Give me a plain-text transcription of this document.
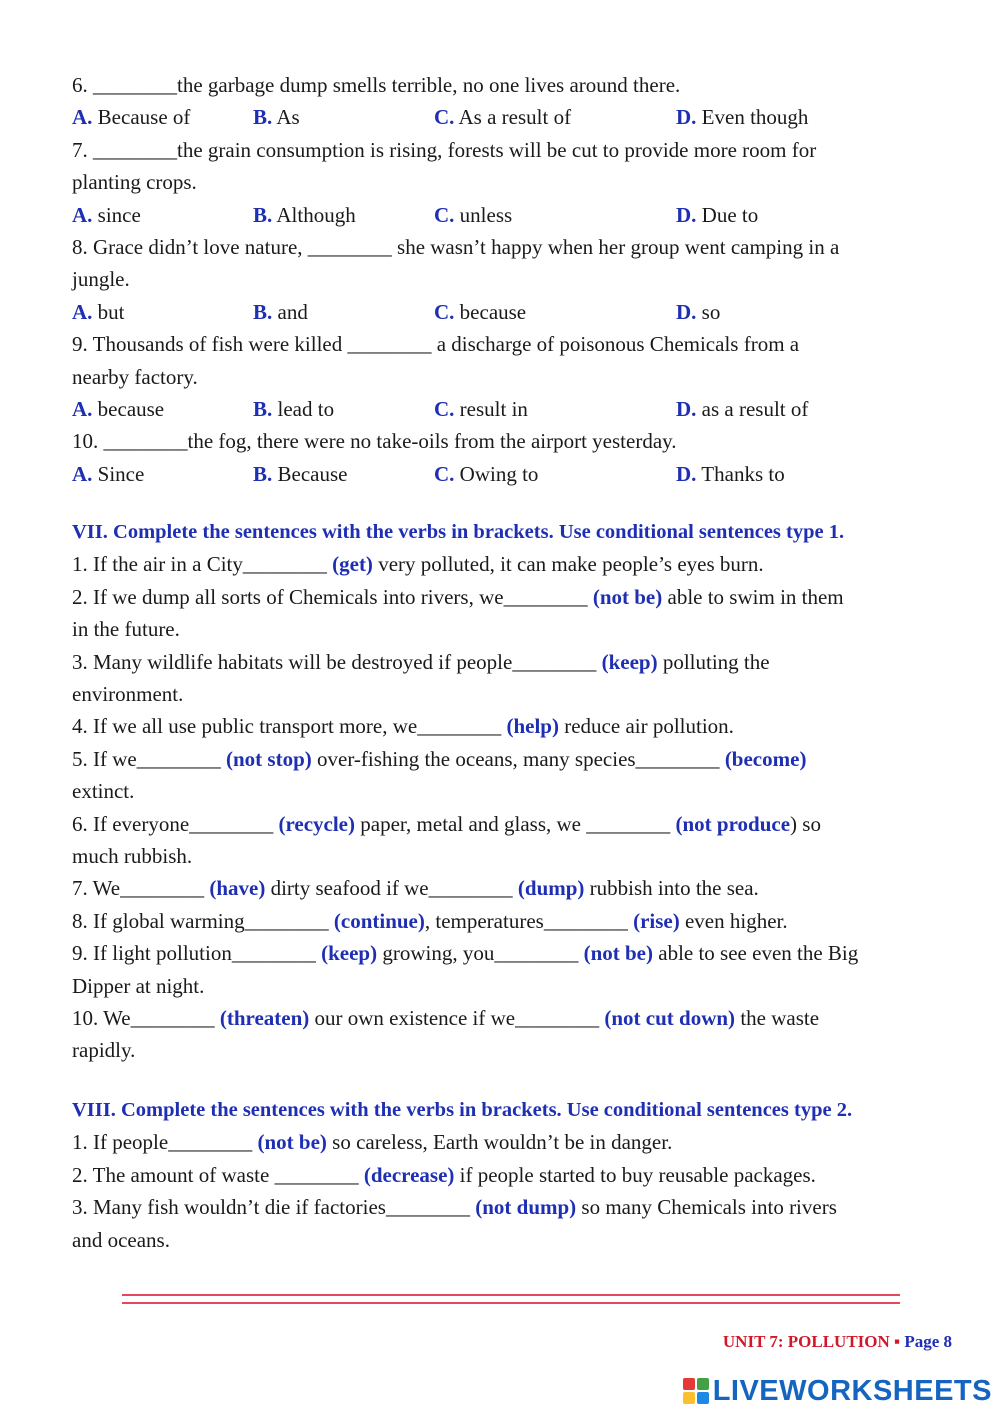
6. ________the garbage dump smells terrible, no one lives around there.
A. Because of	B. As	C. As a result of	D. Even though
7. ________the grain consumption is rising, forests will be cut to provide more room for
planting crops.
A. since	B. Although	C. unless	D. Due to
8. Grace didn’t love nature, ________ she wasn’t happy when her group went camping in a
jungle.
A. but	B. and	C. because	D. so
9. Thousands of fish were killed ________ a discharge of poisonous Chemicals from a
nearby factory.
A. because	B. lead to	C. result in	D. as a result of
10. ________the fog, there were no take-oils from the airport yesterday.
A. Since	B. Because	C. Owing to	D. Thanks to
VII. Complete the sentences with the verbs in brackets. Use conditional sentences type 1.
1. If the air in a City________ (get) very polluted, it can make people’s eyes burn.
2. If we dump all sorts of Chemicals into rivers, we________ (not be) able to swim in them
in the future.
3. Many wildlife habitats will be destroyed if people________ (keep) polluting the
environment.
4. If we all use public transport more, we________ (help) reduce air pollution.
5. If we________ (not stop) over-fishing the oceans, many species________ (become)
extinct.
6. If everyone________ (recycle) paper, metal and glass, we ________ (not produce) so
much rubbish.
7. We________ (have) dirty seafood if we________ (dump) rubbish into the sea.
8. If global warming________ (continue), temperatures________ (rise) even higher.
9. If light pollution________ (keep) growing, you________ (not be) able to see even the Big
Dipper at night.
10. We________ (threaten) our own existence if we________ (not cut down) the waste
rapidly.
VIII. Complete the sentences with the verbs in brackets. Use conditional sentences type 2.
1. If people________ (not be) so careless, Earth wouldn’t be in danger.
2. The amount of waste ________ (decrease) if people started to buy reusable packages.
3. Many fish wouldn’t die if factories________ (not dump) so many Chemicals into rivers
and oceans.
UNIT 7: POLLUTION ▪ Page 8
LIVEWORKSHEETS
